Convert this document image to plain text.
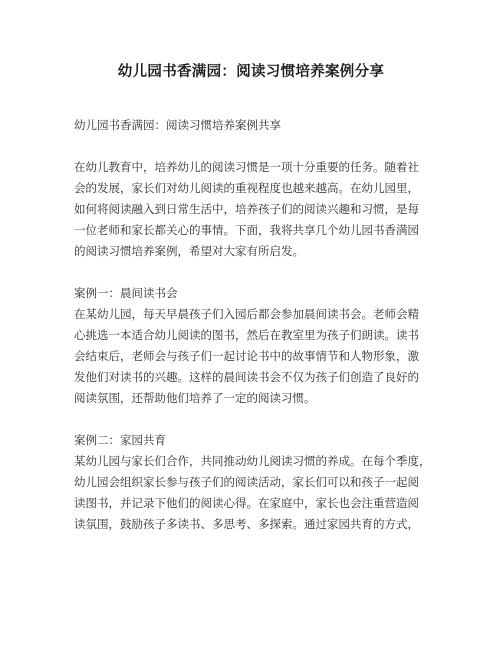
幼儿园书香满园：阅读习惯培养案例分享

幼儿园书香满园：阅读习惯培养案例共享

在幼儿教育中，培养幼儿的阅读习惯是一项十分重要的任务。随着社

会的发展，家长们对幼儿阅读的重视程度也越来越高。在幼儿园里，

如何将阅读融入到日常生活中，培养孩子们的阅读兴趣和习惯，是每

一位老师和家长都关心的事情。下面，我将共享几个幼儿园书香满园

的阅读习惯培养案例，希望对大家有所启发。

案例一：晨间读书会

在某幼儿园，每天早晨孩子们入园后都会参加晨间读书会。老师会精

心挑选一本适合幼儿阅读的图书，然后在教室里为孩子们朗读。读书

会结束后，老师会与孩子们一起讨论书中的故事情节和人物形象，激

发他们对读书的兴趣。这样的晨间读书会不仅为孩子们创造了良好的

阅读氛围，还帮助他们培养了一定的阅读习惯。

案例二：家园共育

某幼儿园与家长们合作，共同推动幼儿阅读习惯的养成。在每个季度，

幼儿园会组织家长参与孩子们的阅读活动，家长们可以和孩子一起阅

读图书，并记录下他们的阅读心得。在家庭中，家长也会注重营造阅

读氛围，鼓励孩子多读书、多思考、多探索。通过家园共育的方式，
